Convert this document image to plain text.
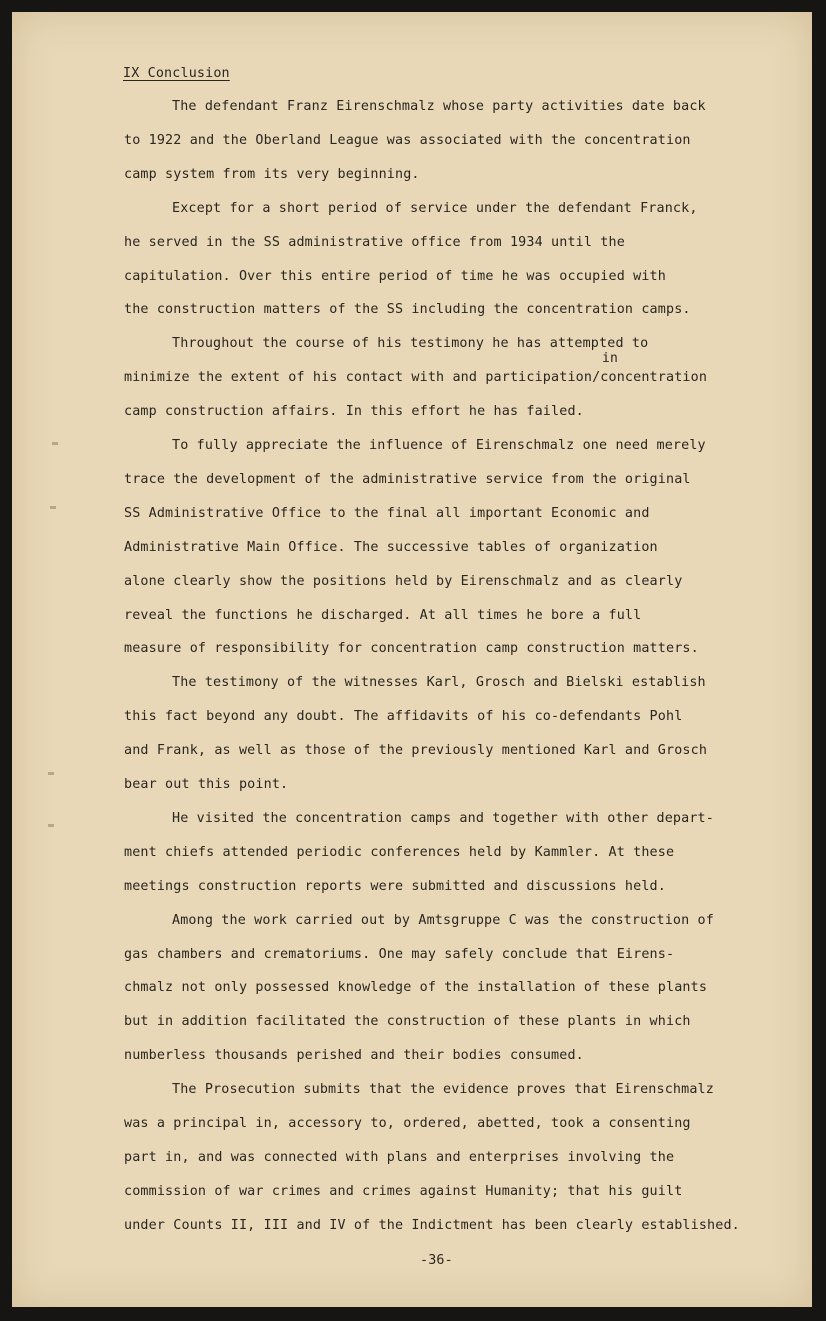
IX Conclusion
The defendant Franz Eirenschmalz whose party activities date back
to 1922 and the Oberland League was associated with the concentration
camp system from its very beginning.
Except for a short period of service under the defendant Franck,
he served in the SS administrative office from 1934 until the
capitulation. Over this entire period of time he was occupied with
the construction matters of the SS including the concentration camps.
Throughout the course of his testimony he has attempted to
minimize the extent of his contact with and participation/concentration
camp construction affairs. In this effort he has failed.
To fully appreciate the influence of Eirenschmalz one need merely
trace the development of the administrative service from the original
SS Administrative Office to the final all important Economic and
Administrative Main Office. The successive tables of organization
alone clearly show the positions held by Eirenschmalz and as clearly
reveal the functions he discharged. At all times he bore a full
measure of responsibility for concentration camp construction matters.
The testimony of the witnesses Karl, Grosch and Bielski establish
this fact beyond any doubt. The affidavits of his co-defendants Pohl
and Frank, as well as those of the previously mentioned Karl and Grosch
bear out this point.
He visited the concentration camps and together with other depart-
ment chiefs attended periodic conferences held by Kammler. At these
meetings construction reports were submitted and discussions held.
Among the work carried out by Amtsgruppe C was the construction of
gas chambers and crematoriums. One may safely conclude that Eirens-
chmalz not only possessed knowledge of the installation of these plants
but in addition facilitated the construction of these plants in which
numberless thousands perished and their bodies consumed.
The Prosecution submits that the evidence proves that Eirenschmalz
was a principal in, accessory to, ordered, abetted, took a consenting
part in, and was connected with plans and enterprises involving the
commission of war crimes and crimes against Humanity; that his guilt
under Counts II, III and IV of the Indictment has been clearly established.
in
-36-
